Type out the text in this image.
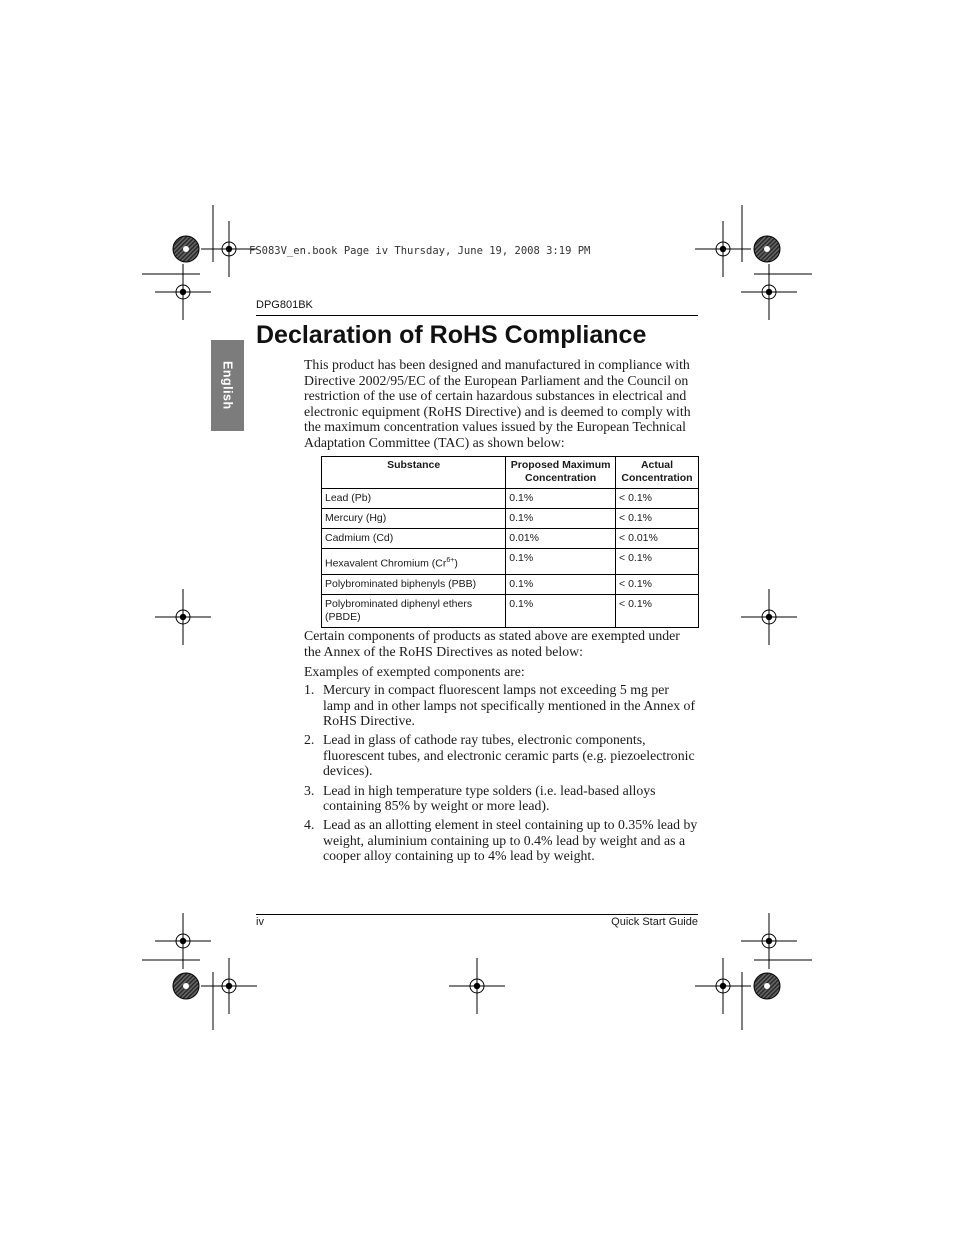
FS083V_en.book Page iv Thursday, June 19, 2008 3:19 PM
DPG801BK
Declaration of RoHS Compliance
English	This product has been designed and manufactured in compliance with Directive 2002/95/EC of the European Parliament and the Council on restriction of the use of certain hazardous substances in electrical and electronic equipment (RoHS Directive) and is deemed to comply with the maximum concentration values issued by the European Technical Adaptation Committee (TAC) as shown below:

Substance	Proposed Maximum Concentration	Actual Concentration
Lead (Pb)	0.1%	< 0.1%
Mercury (Hg)	0.1%	< 0.1%
Cadmium (Cd)	0.01%	< 0.01%
Hexavalent Chromium $(Cr^{6+})$	0.1%	< 0.1%
Polybrominated biphenyls (PBB)	0.1%	< 0.1%
Polybrominated diphenyl ethers (PBDE)	0.1%	< 0.1%

Certain components of products as stated above are exempted under the Annex of the RoHS Directives as noted below:

Examples of exempted components are:

1. Mercury in compact fluorescent lamps not exceeding 5 mg per lamp and in other lamps not specifically mentioned in the Annex of RoHS Directive.
2. Lead in glass of cathode ray tubes, electronic components, fluorescent tubes, and electronic ceramic parts (e.g. piezoelectronic devices).
3. Lead in high temperature type solders (i.e. lead-based alloys containing 85% by weight or more lead).
4. Lead as an allotting element in steel containing up to 0.35% lead by weight, aluminium containing up to 0.4% lead by weight and as a cooper alloy containing up to 4% lead by weight.
iv	Quick Start Guide
